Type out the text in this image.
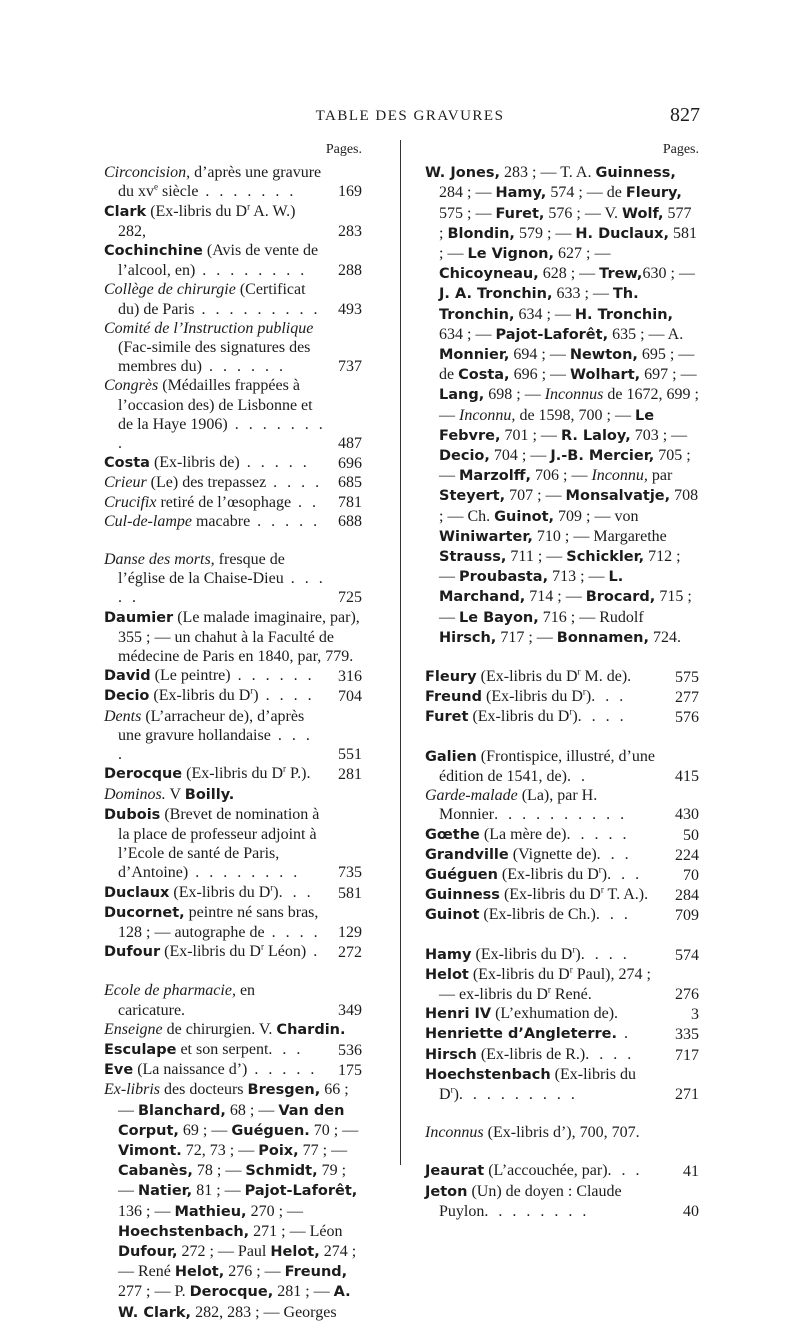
TABLE DES GRAVURES	827
Pages.
Circoncision, d’après une gravure du $xv^e$ siècle . . . . . . .	169
Clark (Ex-libris du $D^r$ A. W.) 282,	283
Cochinchine (Avis de vente de l’alcool, en) . . . . . . . .	288
Collège de chirurgie (Certificat du) de Paris . . . . . . . . .	493
Comité de l’Instruction publique (Fac-simile des signatures des membres du) . . . . . .	737
Congrès (Médailles frappées à l’occasion des) de Lisbonne et de la Haye 1906) . . . . . . . .	487
Costa (Ex-libris de) . . . . .	696
Crieur (Le) des trepassez . . . . 685
Crucifix retiré de l’œsophage . .	781
Cul-de-lampe macabre . . . . .	688
Danse des morts, fresque de l’église de la Chaise-Dieu . . . . .	725
Daumier (Le malade imaginaire, par), 355 ; — un chahut à la Faculté de médecine de Paris en 1840, par, 779.
David (Le peintre) . . . . . .	316
Decio (Ex-libris du $D^r$) . . . .	704
Dents (L’arracheur de), d’après une gravure hollandaise . . . .	551
Derocque (Ex-libris du $D^r$ P.).	281
Dominos. V Boilly.
Dubois (Brevet de nomination à la place de professeur adjoint à l’Ecole de santé de Paris, d’Antoine) . . . . . . . .	735
Duclaux (Ex-libris du $D^r$). . .	581
Ducornet, peintre né sans bras, 128 ; — autographe de . . . .	129
Dufour (Ex-libris du $D^r$ Léon) .	272
Ecole de pharmacie, en caricature.	349
Enseigne de chirurgien. V. Chardin.
Esculape et son serpent. . .	536
Eve (La naissance d’) . . . . .	175
Ex-libris des docteurs Bresgen, 66 ; — Blanchard, 68 ; — Van den Corput, 69 ; — Guéguen. 70 ; — Vimont. 72, 73 ; — Poix, 77 ; — Cabanès, 78 ; — Schmidt, 79 ; — Natier, 81 ; — Pajot-Laforêt, 136 ; — Mathieu, 270 ; — Hoechstenbach, 271 ; — Léon Dufour, 272 ; — Paul Helot, 274 ; — René Helot, 276 ; — Freund, 277 ; — P. Derocque, 281 ; — A. W. Clark, 282, 283 ; — Georges
Pages.
W. Jones, 283 ; — T. A. Guinness, 284 ; — Hamy, 574 ; — de Fleury, 575 ; — Furet, 576 ; — V. Wolf, 577 ; Blondin, 579 ; — H. Duclaux, 581 ; — Le Vignon, 627 ; — Chicoyneau, 628 ; — Trew,630 ; — J. A. Tronchin, 633 ; — Th. Tronchin, 634 ; — H. Tronchin, 634 ; — Pajot-Laforêt, 635 ; — A. Monnier, 694 ; — Newton, 695 ; — de Costa, 696 ; — Wolhart, 697 ; — Lang, 698 ; — Inconnus de 1672, 699 ; — Inconnu, de 1598, 700 ; — Le Febvre, 701 ; — R. Laloy, 703 ; — Decio, 704 ; — J.-B. Mercier, 705 ; — Marzolff, 706 ; — Inconnu, par Steyert, 707 ; — Monsalvatje, 708 ; — Ch. Guinot, 709 ; — von Winiwarter, 710 ; — Margarethe Strauss, 711 ; — Schickler, 712 ; — Proubasta, 713 ; — L. Marchand, 714 ; — Brocard, 715 ; — Le Bayon, 716 ; — Rudolf Hirsch, 717 ; — Bonnamen, 724.
Fleury (Ex-libris du $D^r$ M. de).	575
Freund (Ex-libris du $D^r$). . .	277
Furet (Ex-libris du $D^r$). . . .	576
Galien (Frontispice, illustré, d’une édition de 1541, de). .	415
Garde-malade (La), par H. Monnier. . . . . . . . . .	430
Gœthe (La mère de). . . . .	50
Grandville (Vignette de). . .	224
Guéguen (Ex-libris du $D^r$). . .	70
Guinness (Ex-libris du $D^r$ T. A.).	284
Guinot (Ex-libris de Ch.). . .	709
Hamy (Ex-libris du $D^r$). . . .	574
Helot (Ex-libris du $D^r$ Paul), 274 ; — ex-libris du $D^r$ René.	276
Henri IV (L’exhumation de).	3
Henriette d’Angleterre. .	335
Hirsch (Ex-libris de R.). . . .	717
Hoechstenbach (Ex-libris du $D^r$). . . . . . . . .	271
Inconnus (Ex-libris d’), 700, 707.
Jeaurat (L’accouchée, par). . .	41
Jeton (Un) de doyen : Claude Puylon. . . . . . . .	40
